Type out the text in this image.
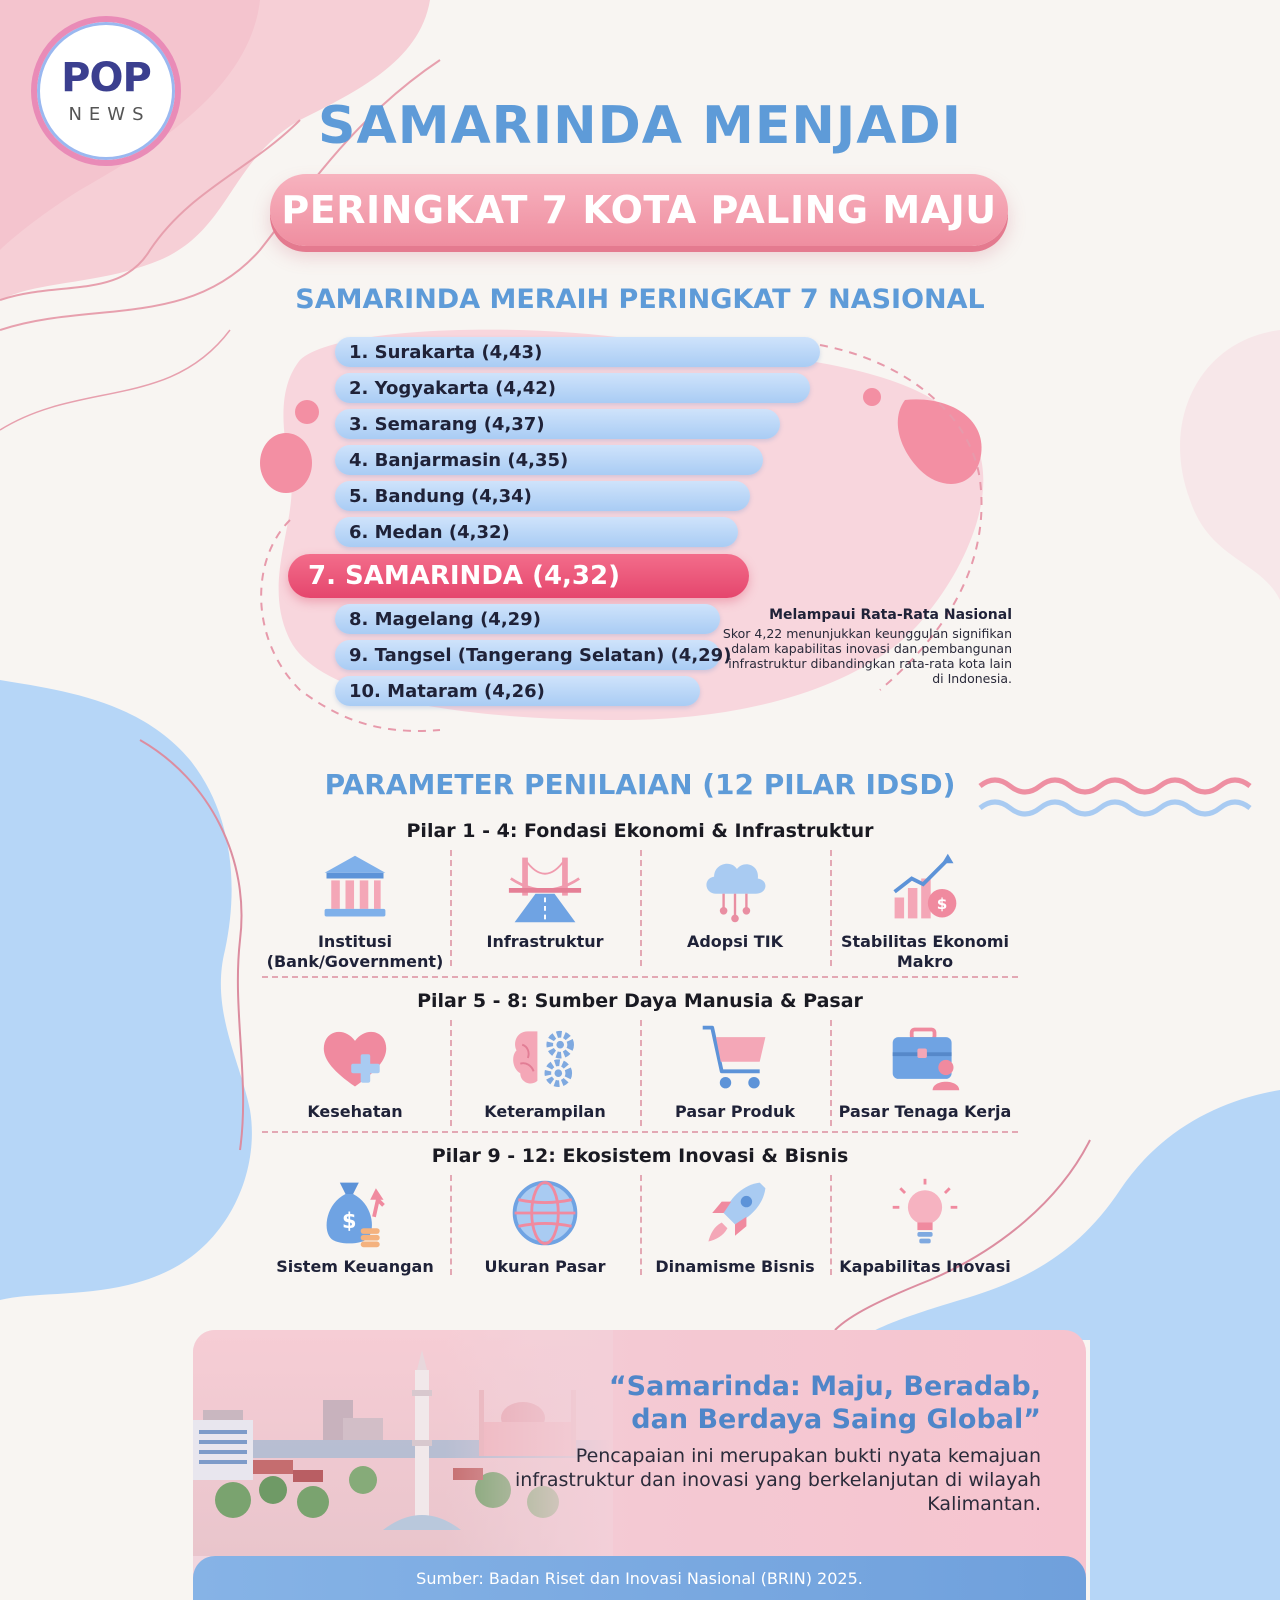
POP
NEWS	SAMARINDA MENJADI
PERINGKAT 7 KOTA PALING MAJU
SAMARINDA MERAIH PERINGKAT 7 NASIONAL
1. Surakarta (4,43)
2. Yogyakarta (4,42)
3. Semarang (4,37)
4. Banjarmasin (4,35)
5. Bandung (4,34)
6. Medan (4,32)
7. SAMARINDA (4,32)
8. Magelang (4,29)
9. Tangsel (Tangerang Selatan) (4,29)
10. Mataram (4,26)
Melampaui Rata-Rata Nasional
Skor 4,22 menunjukkan keunggulan signifikan dalam kapabilitas inovasi dan pembangunan infrastruktur dibandingkan rata-rata kota lain di Indonesia.
PARAMETER PENILAIAN (12 PILAR IDSD)
Pilar 1 - 4: Fondasi Ekonomi & Infrastruktur
Institusi (Bank/Government)
Infrastruktur	Adopsi TIK
$
Stabilitas Ekonomi Makro
Pilar 5 - 8: Sumber Daya Manusia & Pasar
Kesehatan	Keterampilan	Pasar Produk	Pasar Tenaga Kerja
Pilar 9 - 12: Ekosistem Inovasi & Bisnis
$
Sistem Keuangan	Ukuran Pasar	Dinamisme Bisnis Kapabilitas Inovasi
“Samarinda: Maju, Beradab,
dan Berdaya Saing Global”
Pencapaian ini merupakan bukti nyata kemajuan infrastruktur dan inovasi yang berkelanjutan di wilayah Kalimantan.
Sumber: Badan Riset dan Inovasi Nasional (BRIN) 2025.
